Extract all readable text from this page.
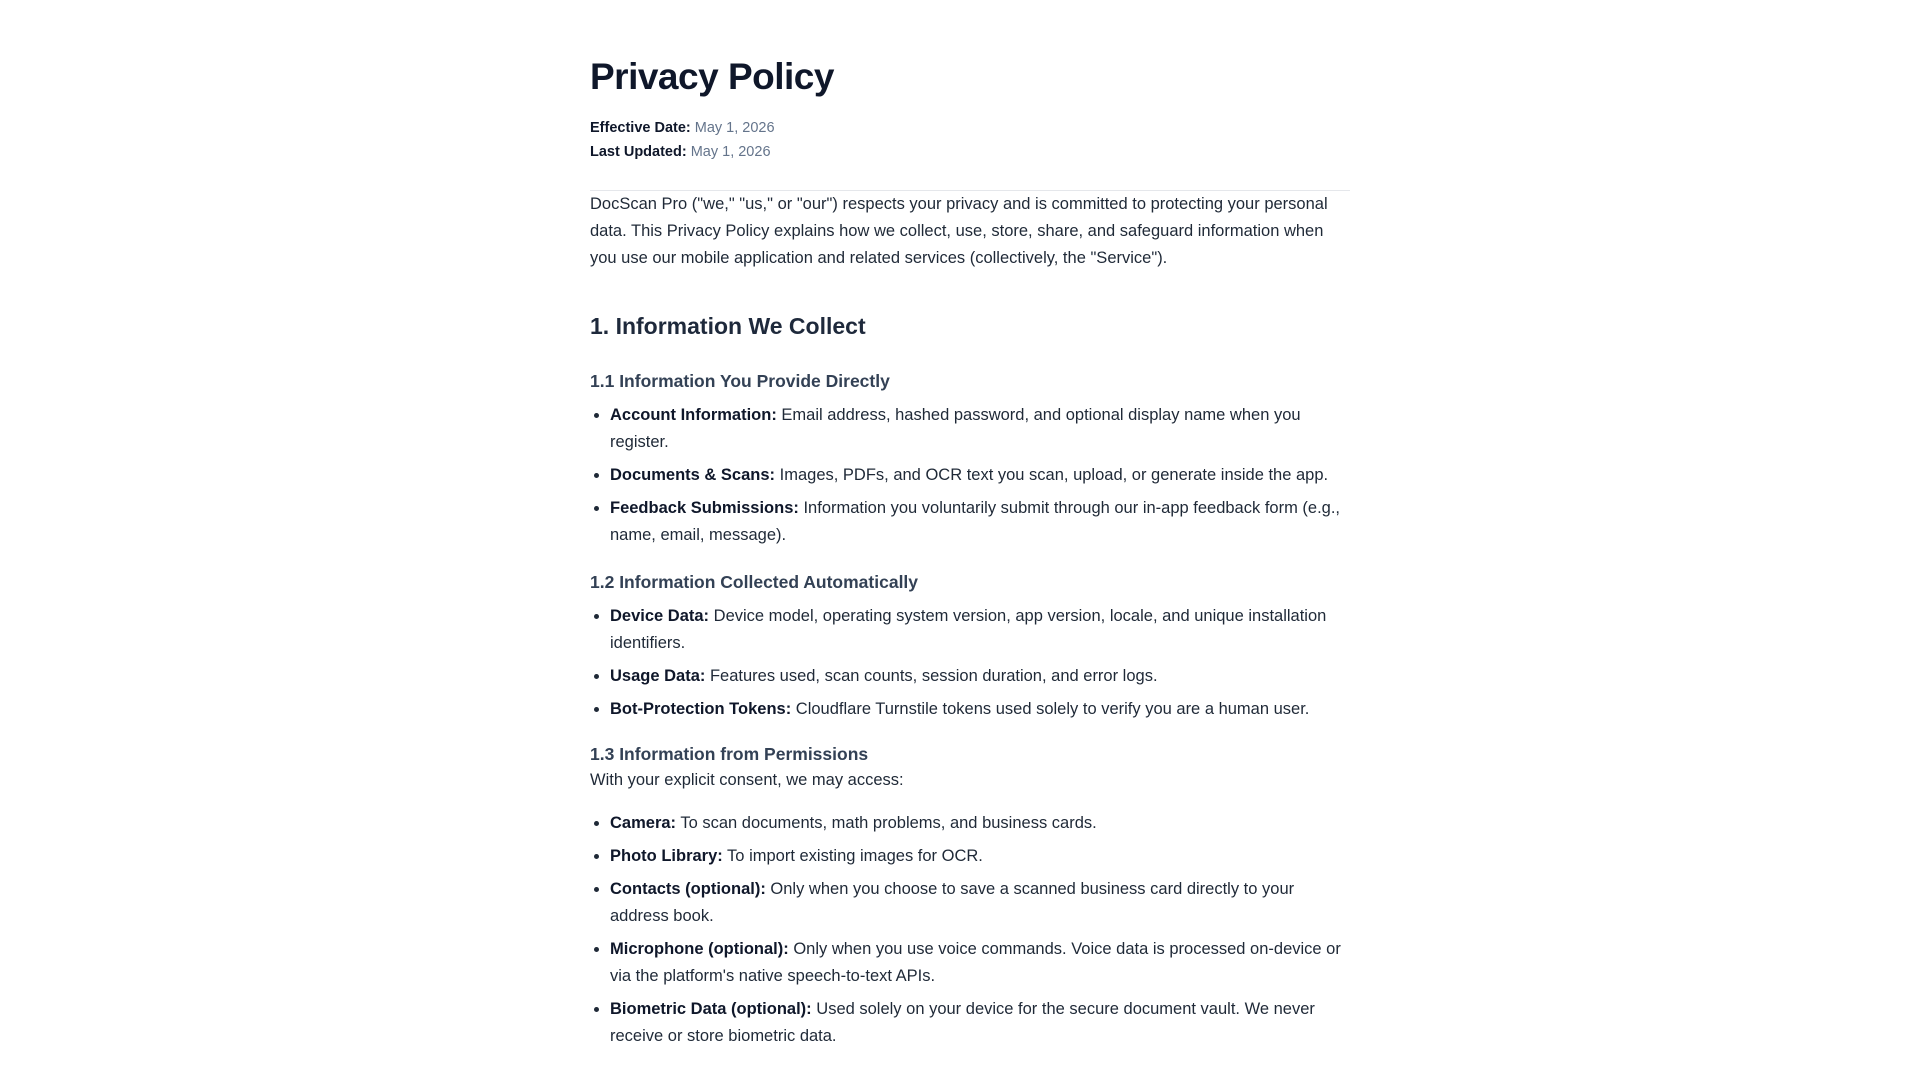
Privacy Policy
Effective Date: May 1, 2026
Last Updated: May 1, 2026

DocScan Pro ("we," "us," or "our") respects your privacy and is committed to protecting your personal data. This Privacy Policy explains how we collect, use, store, share, and safeguard information when you use our mobile application and related services (collectively, the "Service").

1. Information We Collect
1.1 Information You Provide Directly
• Account Information: Email address, hashed password, and optional display name when you register.
• Documents & Scans: Images, PDFs, and OCR text you scan, upload, or generate inside the app.
• Feedback Submissions: Information you voluntarily submit through our in-app feedback form (e.g., name, email, message).
1.2 Information Collected Automatically
• Device Data: Device model, operating system version, app version, locale, and unique installation identifiers.
• Usage Data: Features used, scan counts, session duration, and error logs.
• Bot-Protection Tokens: Cloudflare Turnstile tokens used solely to verify you are a human user.
1.3 Information from Permissions

With your explicit consent, we may access:

• Camera: To scan documents, math problems, and business cards.
• Photo Library: To import existing images for OCR.
• Contacts (optional): Only when you choose to save a scanned business card directly to your address book.
• Microphone (optional): Only when you use voice commands. Voice data is processed on-device or via the platform's native speech-to-text APIs.
• Biometric Data (optional): Used solely on your device for the secure document vault. We never receive or store biometric data.
